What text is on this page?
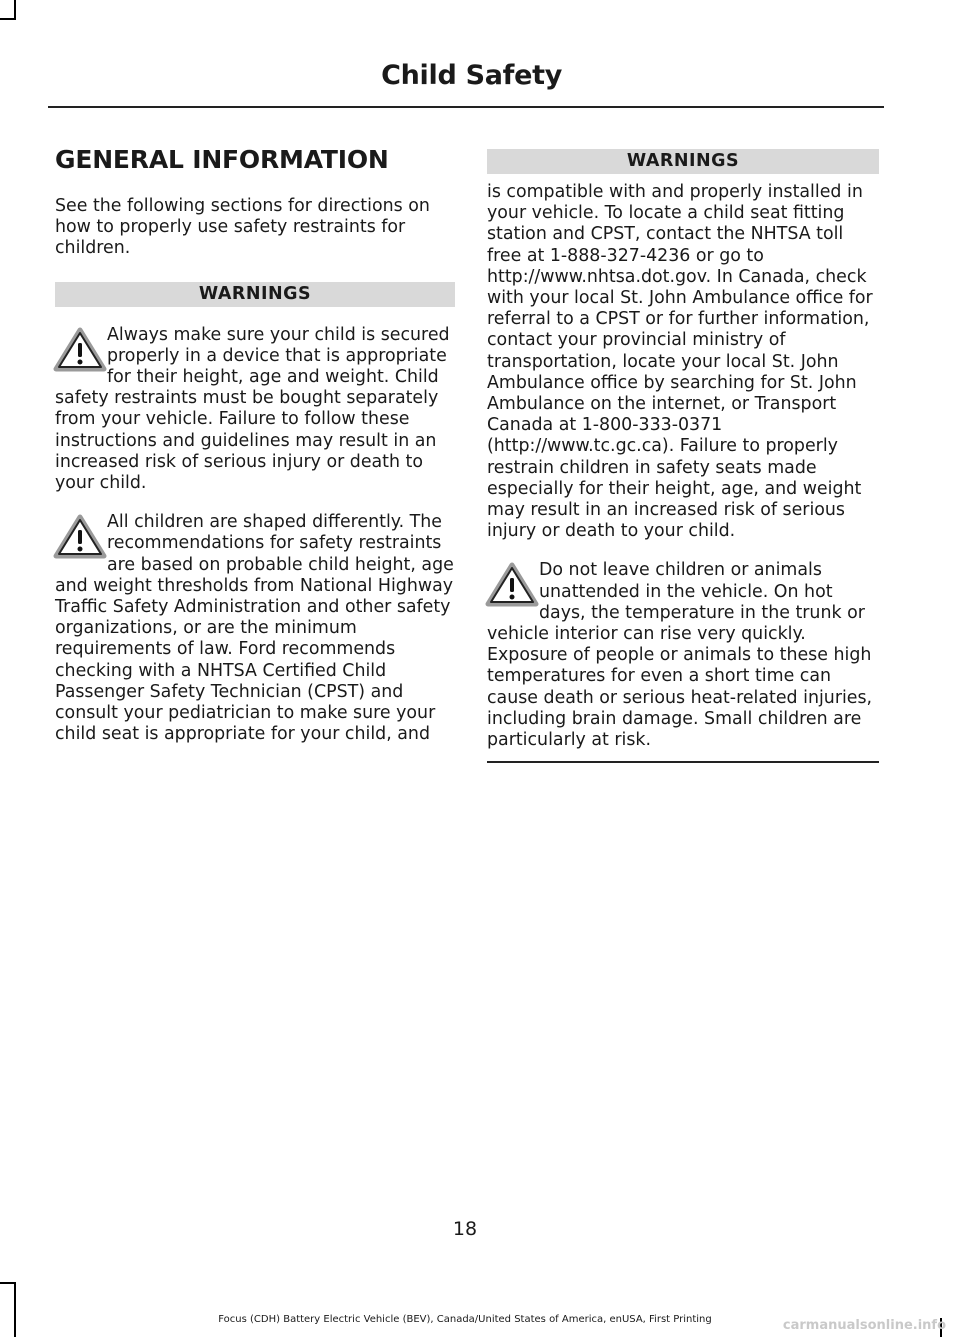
Child Safety
GENERAL INFORMATION

See the following sections for directions on how to properly use safety restraints for children.

WARNINGS

Always make sure your child is secured properly in a device that is appropriate for their height, age and weight. Child safety restraints must be bought separately from your vehicle. Failure to follow these instructions and guidelines may result in an increased risk of serious injury or death to your child.

All children are shaped differently. The recommendations for safety restraints are based on probable child height, age and weight thresholds from National Highway Traffic Safety Administration and other safety organizations, or are the minimum requirements of law. Ford recommends checking with a NHTSA Certified Child Passenger Safety Technician (CPST) and consult your pediatrician to make sure your child seat is appropriate for your child, and

WARNINGS

is compatible with and properly installed in your vehicle. To locate a child seat fitting station and CPST, contact the NHTSA toll free at 1-888-327-4236 or go to http://www.nhtsa.dot.gov. In Canada, check with your local St. John Ambulance office for referral to a CPST or for further information, contact your provincial ministry of transportation, locate your local St. John Ambulance office by searching for St. John Ambulance on the internet, or Transport Canada at 1-800-333-0371 (http://www.tc.gc.ca). Failure to properly restrain children in safety seats made especially for their height, age, and weight may result in an increased risk of serious injury or death to your child.

Do not leave children or animals unattended in the vehicle. On hot days, the temperature in the trunk or vehicle interior can rise very quickly. Exposure of people or animals to these high temperatures for even a short time can cause death or serious heat-related injuries, including brain damage. Small children are particularly at risk.

18
Focus (CDH) Battery Electric Vehicle (BEV), Canada/United States of America, enUSA, First Printing	carmanualsonline.info
